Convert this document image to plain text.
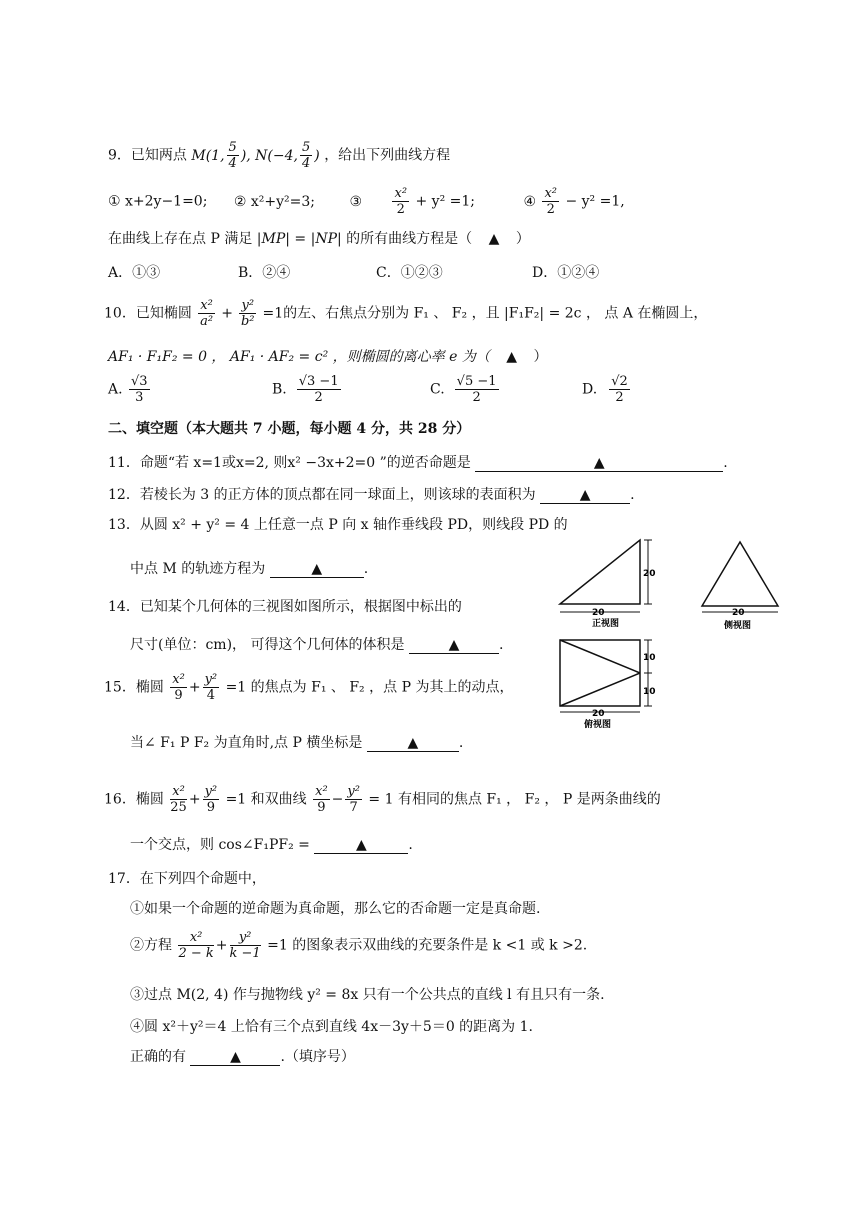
9．已知两点 M(1, $\frac{5}{4}$ ), N(−4, $\frac{5}{4}$ ) ，给出下列曲线方程
① x+2y−1=0; ② x²+y²=3; ③ $\frac{\text{x²}}{2} + y^2 =1$;	④ $\frac{\text{x²}}{2} - y^2 =1$,
在曲线上存在点 P 满足 |MP| = |NP| 的所有曲线方程是（ ▲ ）
A．①③	B．②④	C．①②③	D．①②④
10．已知椭圆 $\frac{\text{x²}}{\text{a²}} + \frac{\text{y²}}{\text{b²}} =1$的左、右焦点分别为 F₁ 、 F₂ ，且 |F₁F₂| = 2c ， 点 A 在椭圆上，
AF₁ · F₁F₂ = 0 ， AF₁ · AF₂ = c² ，则椭圆的离心率 e 为（ ▲ ）
A. $\frac{√3}{3}$	B. $\frac{√3 -1}{2}$	C. $\frac{√5 -1}{2}$	D. $\frac{√2}{2}$
二、填空题（本大题共 7 小题，每小题 4 分，共 28 分）
11．命题“若 x=1或x=2, 则x² −3x+2=0 ”的逆否命题是	▲	.
12．若棱长为 3 的正方体的顶点都在同一球面上，则该球的表面积为	▲	.
13．从圆 x² + y² = 4 上任意一点 P 向 x 轴作垂线段 PD，则线段 PD 的
中点 M 的轨迹方程为	▲	.
14．已知某个几何体的三视图如图所示，根据图中标出的
尺寸(单位：cm)， 可得这个几何体的体积是	▲	.
15．椭圆 $\frac{\text{x²}}{9} + \frac{\text{y²}}{4} =1$ 的焦点为 F₁ 、 F₂ ，点 P 为其上的动点，
当∠ F₁ P F₂ 为直角时,点 P 横坐标是	▲	.
16．椭圆 $\frac{\text{x²}}{25} + \frac{\text{y²}}{9} =1$ 和双曲线 $\frac{\text{x²}}{9} - \frac{\text{y²}}{7} = 1$ 有相同的焦点 F₁ ， F₂ ， P 是两条曲线的
一个交点，则 cos∠F₁PF₂ =	▲	.
17．在下列四个命题中，
①如果一个命题的逆命题为真命题，那么它的否命题一定是真命题.
②方程 $\frac{\text{x²}}{2 - k} + \frac{\text{y²}}{k -1} =1$ 的图象表示双曲线的充要条件是 k <1 或 k >2.
③过点 M(2, 4) 作与抛物线 y² = 8x 只有一个公共点的直线 l 有且只有一条.
④圆 x²＋y²＝4 上恰有三个点到直线 4x－3y＋5＝0 的距离为 1.
正确的有	▲	.（填序号）
20
20
正视图
20
侧视图
10
10
20
俯视图
